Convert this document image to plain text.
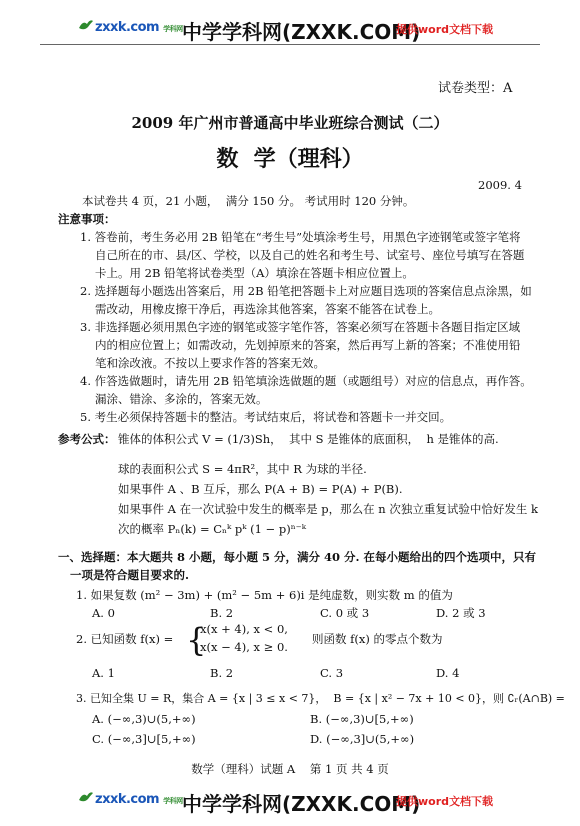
zxxk.com 学科网 中学学科网(ZXXK.COM)
提供word文档下载
试卷类型：A
2009 年广州市普通高中毕业班综合测试（二）
数  学（理科）
2009. 4
本试卷共 4 页，21 小题，  满分 150 分。 考试用时 120 分钟。
注意事项：
1. 答卷前，考生务必用 2B 铅笔在“考生号”处填涂考生号，用黑色字迹钢笔或签字笔将
自己所在的市、县/区、学校，以及自己的姓名和考生号、试室号、座位号填写在答题
卡上。用 2B 铅笔将试卷类型（A）填涂在答题卡相应位置上。
2. 选择题每小题选出答案后，用 2B 铅笔把答题卡上对应题目选项的答案信息点涂黑，如
需改动，用橡皮擦干净后，再选涂其他答案，答案不能答在试卷上。
3. 非选择题必须用黑色字迹的钢笔或签字笔作答，答案必须写在答题卡各题目指定区域
内的相应位置上；如需改动，先划掉原来的答案，然后再写上新的答案；不准使用铅
笔和涂改液。不按以上要求作答的答案无效。
4. 作答选做题时，请先用 2B 铅笔填涂选做题的题（或题组号）对应的信息点，再作答。
漏涂、错涂、多涂的，答案无效。
5. 考生必须保持答题卡的整洁。考试结束后，将试卷和答题卡一并交回。
参考公式： 锥体的体积公式 V = (1/3)Sh，  其中 S 是锥体的底面积，  h 是锥体的高.
球的表面积公式 S = 4πR²，其中 R 为球的半径.
如果事件 A 、B 互斥，那么 P(A + B) = P(A) + P(B).
如果事件 A 在一次试验中发生的概率是 p，那么在 n 次独立重复试验中恰好发生 k
次的概率 Pₙ(k) = Cₙᵏ pᵏ (1 − p)ⁿ⁻ᵏ
一、选择题：本大题共 8 小题，每小题 5 分，满分 40 分. 在每小题给出的四个选项中，只有
一项是符合题目要求的.
1. 如果复数 (m² − 3m) + (m² − 5m + 6)i 是纯虚数，则实数 m 的值为
A. 0	B. 2	C. 0 或 3	D. 2 或 3
2. 已知函数 f(x) = {
x(x + 4), x < 0,
x(x − 4), x ≥ 0.
则函数 f(x) 的零点个数为
A. 1	B. 2	C. 3	D. 4
3. 已知全集 U = R，集合 A = {x | 3 ≤ x < 7}，  B = {x | x² − 7x + 10 < 0}，则 ∁ᵣ(A∩B) =
A. (−∞,3)∪(5,+∞)	B. (−∞,3)∪[5,+∞)
C. (−∞,3]∪[5,+∞)	D. (−∞,3]∪(5,+∞)
数学（理科）试题 A    第 1 页 共 4 页
zxxk.com 学科网 中学学科网(ZXXK.COM)
提供word文档下载
